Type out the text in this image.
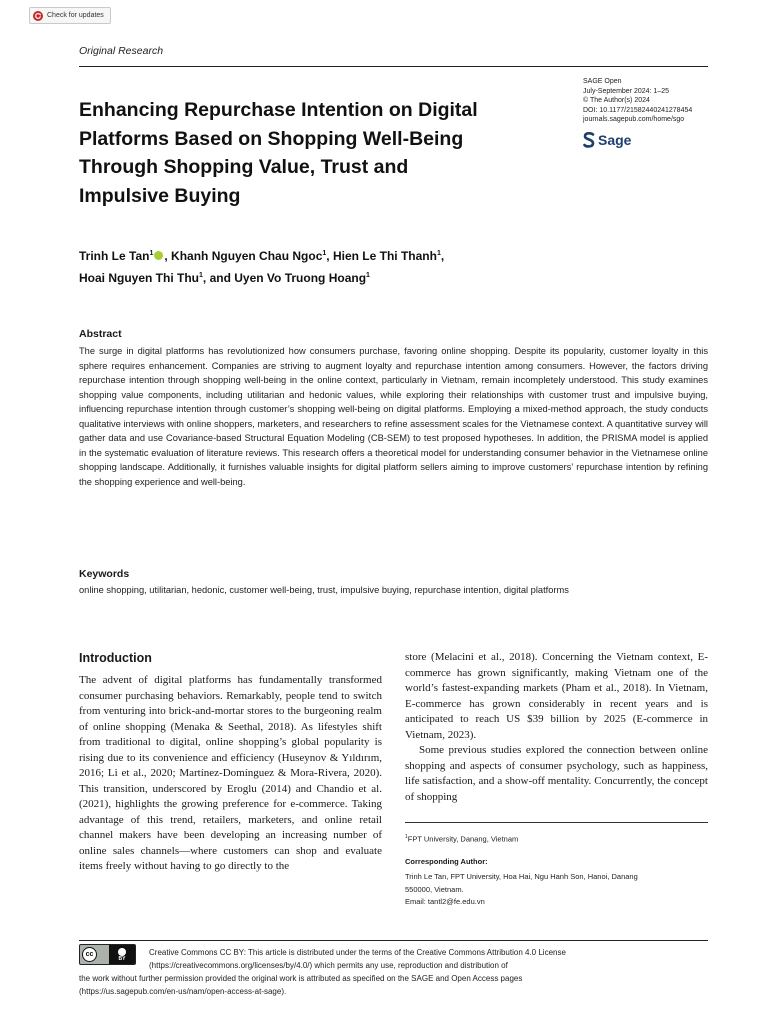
Check for updates
Original Research
Enhancing Repurchase Intention on Digital Platforms Based on Shopping Well-Being Through Shopping Value, Trust and Impulsive Buying
SAGE Open
July-September 2024: 1–25
© The Author(s) 2024
DOI: 10.1177/21582440241278454
journals.sagepub.com/home/sgo
Sage
Trinh Le Tan$^1$ , Khanh Nguyen Chau Ngoc$^1$, Hien Le Thi Thanh$^1$,
Hoai Nguyen Thi Thu$^1$, and Uyen Vo Truong Hoang$^1$
Abstract

The surge in digital platforms has revolutionized how consumers purchase, favoring online shopping. Despite its popularity, customer loyalty in this sphere requires enhancement. Companies are striving to augment loyalty and repurchase intention among consumers. However, the factors driving repurchase intention through shopping well-being in the online context, particularly in Vietnam, remain incompletely understood. This study examines shopping value components, including utilitarian and hedonic values, while exploring their relationships with customer trust and impulsive buying, influencing repurchase intention through customer’s shopping well-being on digital platforms. Employing a mixed-method approach, the study conducts qualitative interviews with online shoppers, marketers, and researchers to refine assessment scales for the Vietnamese context. A quantitative survey will gather data and use Covariance-based Structural Equation Modeling (CB-SEM) to test proposed hypotheses. In addition, the PRISMA model is applied in the systematic evaluation of literature reviews. This research offers a theoretical model for understanding consumer behavior in the Vietnamese online shopping landscape. Additionally, it furnishes valuable insights for digital platform sellers aiming to improve customers’ repurchase intention by refining the shopping experience and well-being.

Keywords
online shopping, utilitarian, hedonic, customer well-being, trust, impulsive buying, repurchase intention, digital platforms
Introduction

The advent of digital platforms has fundamentally transformed consumer purchasing behaviors. Remarkably, people tend to switch from venturing into brick-and-mortar stores to the burgeoning realm of online shopping (Menaka & Seethal, 2018). As lifestyles shift from traditional to digital, online shopping’s global popularity is rising due to its convenience and efficiency (Huseynov & Yıldırım, 2016; Li et al., 2020; Martínez-Domínguez & Mora-Rivera, 2020). This transition, underscored by Eroglu (2014) and Chandio et al. (2021), highlights the growing preference for e-commerce. Taking advantage of this trend, retailers, marketers, and online retail channel makers have been developing an increasing number of online sales channels—where customers can shop and evaluate items freely without having to go directly to the

store (Melacini et al., 2018). Concerning the Vietnam context, E-commerce has grown significantly, making Vietnam one of the world’s fastest-expanding markets (Pham et al., 2018). In Vietnam, E-commerce has grown considerably in recent years and is anticipated to reach US $39 billion by 2025 (E-commerce in Vietnam, 2023).

Some previous studies explored the connection between online shopping and aspects of consumer psychology, such as happiness, life satisfaction, and a show-off mentality. Concurrently, the concept of shopping

$^1$FPT University, Danang, Vietnam
Corresponding Author:
Trinh Le Tan, FPT University, Hoa Hai, Ngu Hanh Son, Hanoi, Danang
550000, Vietnam.
Email: tantl2@fe.edu.vn
cc
BY
Creative Commons CC BY: This article is distributed under the terms of the Creative Commons Attribution 4.0 License
(https://creativecommons.org/licenses/by/4.0/) which permits any use, reproduction and distribution of
the work without further permission provided the original work is attributed as specified on the SAGE and Open Access pages
(https://us.sagepub.com/en-us/nam/open-access-at-sage).
